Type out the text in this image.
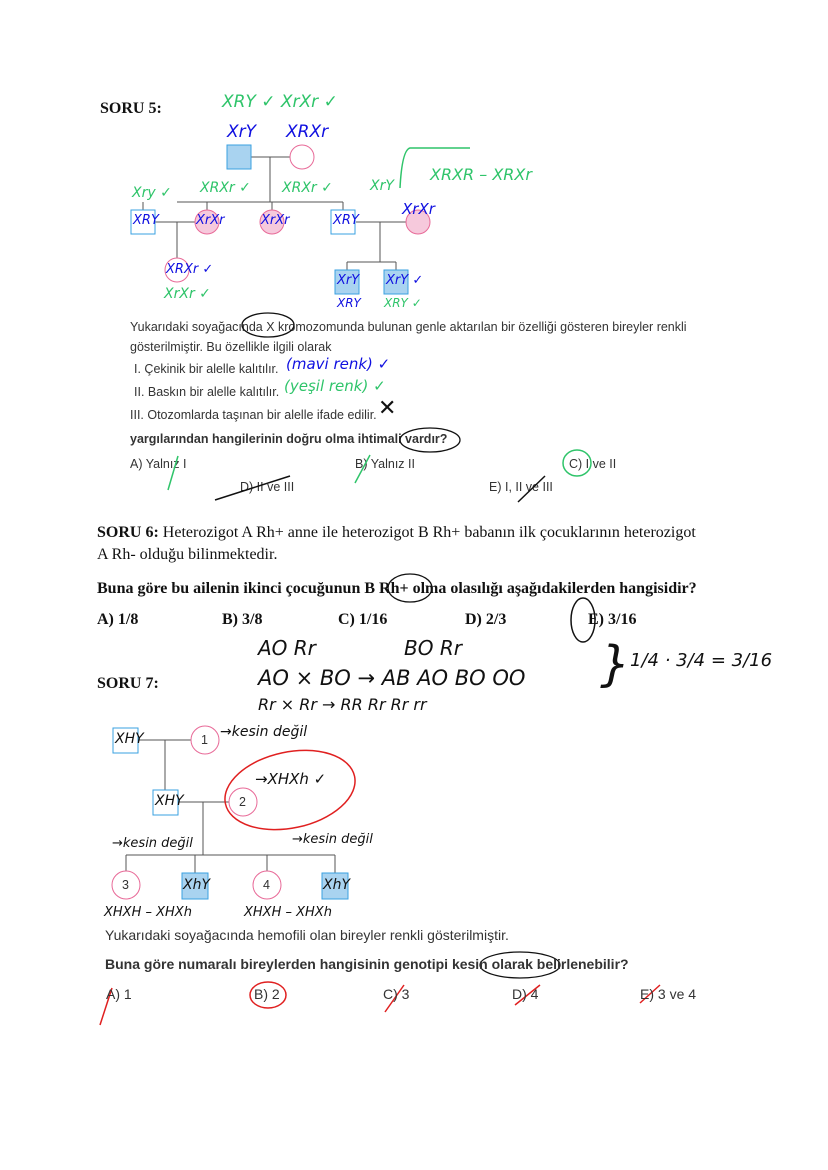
SORU 5:	XRY ✓ XrXr ✓
XrY XRXr
Xry ✓ XRXr ✓ XRXr ✓	XrY
XRXR – XRXr
XRY	XrXr	XrXr	XRY
XrXr
XRXr ✓
XrXr ✓
XrY
XRY
XrY ✓
XRY ✓
Yukarıdaki soyağacında X kromozomunda bulunan genle aktarılan bir özelliği gösteren bireyler renkli
gösterilmiştir. Bu özellikle ilgili olarak
I. Çekinik bir alelle kalıtılır. (mavi renk) ✓
II. Baskın bir alelle kalıtılır. (yeşil renk) ✓
III. Otozomlarda taşınan bir alelle ifade edilir. ✕
yargılarından hangilerinin doğru olma ihtimali vardır?
A) Yalnız I	B) Yalnız II	C) I ve II
D) II ve III	E) I, II ve III
SORU 6: Heterozigot A Rh+ anne ile heterozigot B Rh+ babanın ilk çocuklarının heterozigot
A Rh- olduğu bilinmektedir.
Buna göre bu ailenin ikinci çocuğunun B Rh+ olma olasılığı aşağıdakilerden hangisidir?
A) 1/8	B) 3/8	C) 1/16	D) 2/3	E) 3/16
AO Rr	BO Rr
AO × BO → AB AO BO OO
Rr × Rr → RR Rr Rr rr
} 1/4 · 3/4 = 3/16
SORU 7:
XHY	1 →kesin değil
XHY	2
→XHXh ✓
→kesin değil	→kesin değil
3	XhY	4	XhY
XHXH – XHXh	XHXH – XHXh
Yukarıdaki soyağacında hemofili olan bireyler renkli gösterilmiştir.
Buna göre numaralı bireylerden hangisinin genotipi kesin olarak belirlenebilir?
A) 1	B) 2	C) 3	D) 4	E) 3 ve 4
